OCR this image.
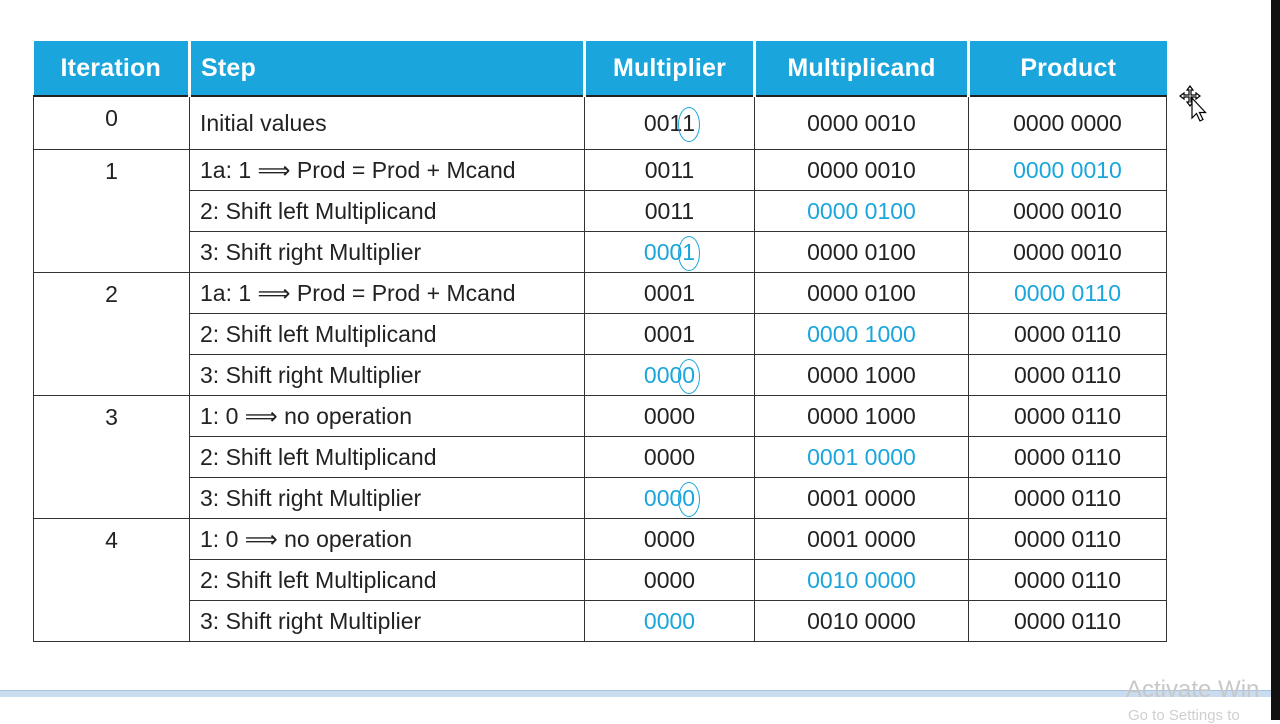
Iteration	Step	Multiplier	Multiplicand	Product
0	Initial values	0011	0000 0010	0000 0000
1	1a: 1 ⟹ Prod = Prod + Mcand	0011	0000 0010	0000 0010
	2: Shift left Multiplicand	0011	0000 0100	0000 0010
	3: Shift right Multiplier	0001	0000 0100	0000 0010
2	1a: 1 ⟹ Prod = Prod + Mcand	0001	0000 0100	0000 0110
	2: Shift left Multiplicand	0001	0000 1000	0000 0110
	3: Shift right Multiplier	0000	0000 1000	0000 0110
3	1: 0 ⟹ no operation	0000	0000 1000	0000 0110
	2: Shift left Multiplicand	0000	0001 0000	0000 0110
	3: Shift right Multiplier	0000	0001 0000	0000 0110
4	1: 0 ⟹ no operation	0000	0001 0000	0000 0110
	2: Shift left Multiplicand	0000	0010 0000	0000 0110
	3: Shift right Multiplier	0000	0010 0000	0000 0110
Activate Win
Go to Settings to
